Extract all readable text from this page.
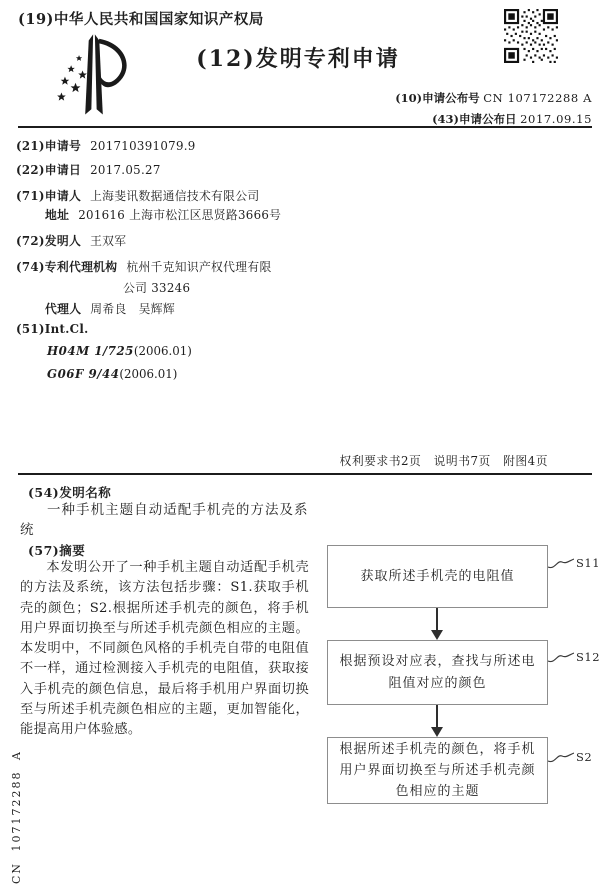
(19)中华人民共和国国家知识产权局
(12)发明专利申请
(10)申请公布号 CN 107172288 A
(43)申请公布日 2017.09.15
(21)申请号 201710391079.9
(22)申请日 2017.05.27
(71)申请人 上海斐讯数据通信技术有限公司
地址 201616 上海市松江区思贤路3666号
(72)发明人 王双军
(74)专利代理机构 杭州千克知识产权代理有限
公司 33246
代理人 周希良　吴辉辉
(51)Int.Cl.
H04M 1/725(2006.01)
G06F 9/44(2006.01)
权利要求书2页　说明书7页　附图4页
(54)发明名称
一种手机主题自动适配手机壳的方法及系统
(57)摘要
本发明公开了一种手机主题自动适配手机壳的方法及系统，该方法包括步骤：S1.获取手机壳的颜色；S2.根据所述手机壳的颜色，将手机用户界面切换至与所述手机壳颜色相应的主题。本发明中，不同颜色风格的手机壳自带的电阻值不一样，通过检测接入手机壳的电阻值，获取接入手机壳的颜色信息，最后将手机用户界面切换至与所述手机壳颜色相应的主题，更加智能化，能提高用户体验感。
获取所述手机壳的电阻值
根据预设对应表，查找与所述电阻值对应的颜色
根据所述手机壳的颜色，将手机用户界面切换至与所述手机壳颜色相应的主题
S11
S12
S2
CN 107172288 A
